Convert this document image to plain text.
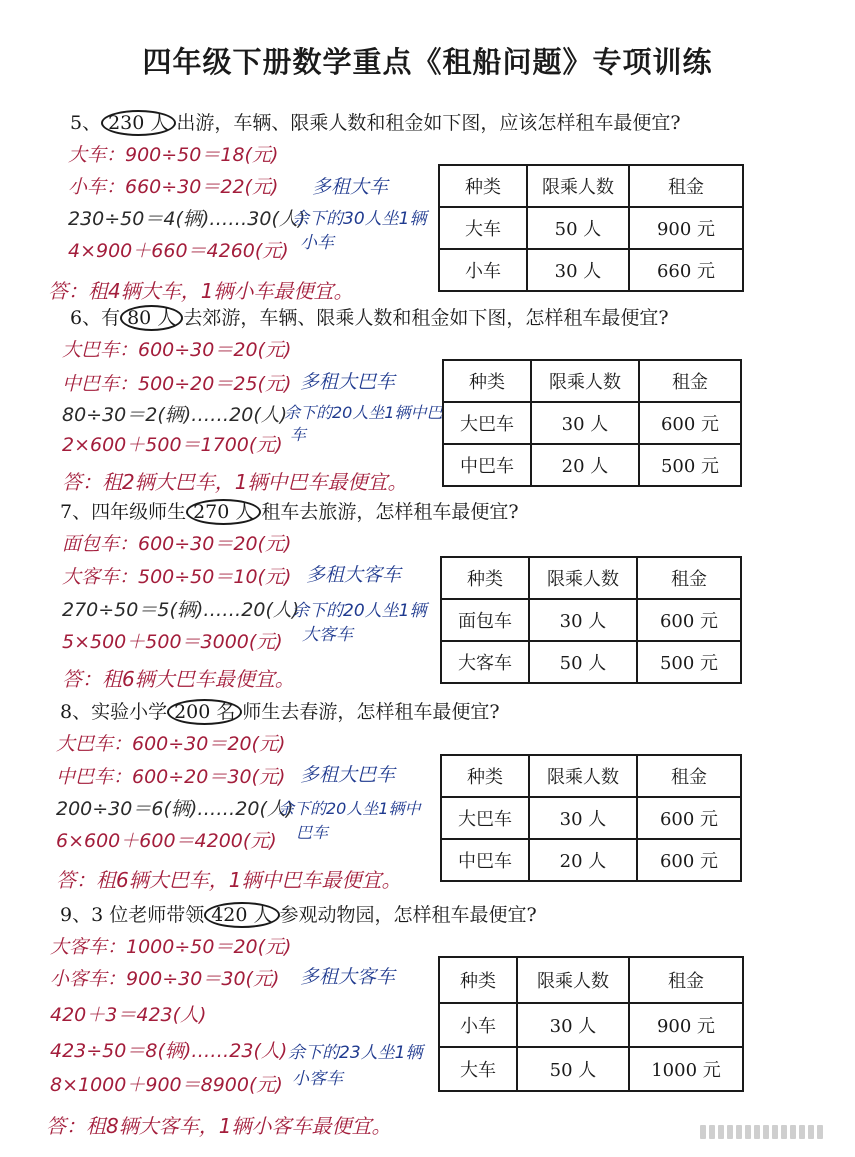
四年级下册数学重点《租船问题》专项训练
5、 230 人 出游，车辆、限乘人数和租金如下图，应该怎样租车最便宜?
大车：900÷50＝18(元)
小车：660÷30＝22(元)
230÷50＝4(辆)……30(人)
4×900＋660＝4260(元)
多租大车
余下的30人坐1辆
小车
答：租4辆大车，1辆小车最便宜。
种类	限乘人数	租金
大车	50 人	900 元
小车	30 人	660 元
6、有 80 人 去郊游，车辆、限乘人数和租金如下图，怎样租车最便宜?
大巴车：600÷30＝20(元)
中巴车：500÷20＝25(元)
80÷30＝2(辆)……20(人)
2×600＋500＝1700(元)
多租大巴车
余下的20人坐1辆中巴
车
答：租2辆大巴车，1辆中巴车最便宜。
种类	限乘人数	租金
大巴车	30 人	600 元
中巴车	20 人	500 元
7、四年级师生 270 人 租车去旅游，怎样租车最便宜?
面包车：600÷30＝20(元)
大客车：500÷50＝10(元)
270÷50＝5(辆)……20(人)
5×500＋500＝3000(元)
多租大客车
余下的20人坐1辆
大客车
答：租6辆大巴车最便宜。
种类	限乘人数	租金
面包车	30 人	600 元
大客车	50 人	500 元
8、实验小学 200 名 师生去春游，怎样租车最便宜?
大巴车：600÷30＝20(元)
中巴车：600÷20＝30(元)
200÷30＝6(辆)……20(人)
6×600＋600＝4200(元)
多租大巴车
余下的20人坐1辆中
巴车
答：租6辆大巴车，1辆中巴车最便宜。
种类	限乘人数	租金
大巴车	30 人	600 元
中巴车	20 人	600 元
9、3 位老师带领 420 人 参观动物园，怎样租车最便宜?
大客车：1000÷50＝20(元)
小客车：900÷30＝30(元)
420＋3＝423(人)
423÷50＝8(辆)……23(人)
8×1000＋900＝8900(元)
多租大客车
余下的23人坐1辆
小客车
答：租8辆大客车，1辆小客车最便宜。
种类	限乘人数	租金
小车	30 人	900 元
大车	50 人	1000 元
